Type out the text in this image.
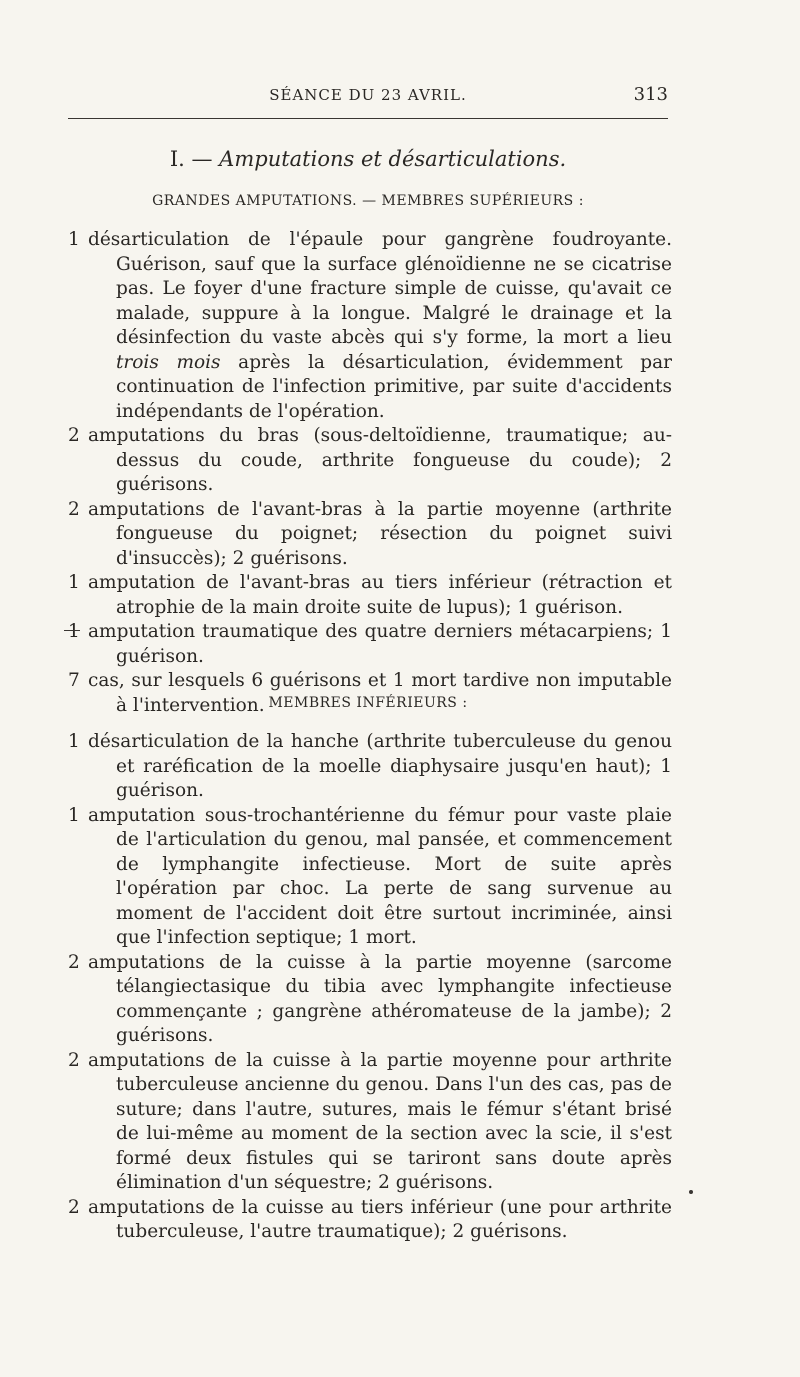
SÉANCE DU 23 AVRIL.	313
I. — Amputations et désarticulations.
GRANDES AMPUTATIONS. — MEMBRES SUPÉRIEURS :

1 désarticulation de l'épaule pour gangrène foudroyante. Guérison, sauf que la surface glénoïdienne ne se cicatrise pas. Le foyer d'une fracture simple de cuisse, qu'avait ce malade, suppure à la longue. Malgré le drainage et la désinfection du vaste abcès qui s'y forme, la mort a lieu trois mois après la désarticulation, évidemment par continuation de l'infection primitive, par suite d'accidents indépendants de l'opération.

2 amputations du bras (sous-deltoïdienne, traumatique; au-dessus du coude, arthrite fongueuse du coude); 2 guérisons.

2 amputations de l'avant-bras à la partie moyenne (arthrite fongueuse du poignet; résection du poignet suivi d'insuccès); 2 guérisons.

1 amputation de l'avant-bras au tiers inférieur (rétraction et atrophie de la main droite suite de lupus); 1 guérison.

1 amputation traumatique des quatre derniers métacarpiens; 1 guérison.

7 cas, sur lesquels 6 guérisons et 1 mort tardive non imputable à l'intervention. MEMBRES INFÉRIEURS :

1 désarticulation de la hanche (arthrite tuberculeuse du genou et raréfication de la moelle diaphysaire jusqu'en haut); 1 guérison.

1 amputation sous-trochantérienne du fémur pour vaste plaie de l'articulation du genou, mal pansée, et commencement de lymphangite infectieuse. Mort de suite après l'opération par choc. La perte de sang survenue au moment de l'accident doit être surtout incriminée, ainsi que l'infection septique; 1 mort.

2 amputations de la cuisse à la partie moyenne (sarcome télangiectasique du tibia avec lymphangite infectieuse commençante ; gangrène athéromateuse de la jambe); 2 guérisons.

2 amputations de la cuisse à la partie moyenne pour arthrite tuberculeuse ancienne du genou. Dans l'un des cas, pas de suture; dans l'autre, sutures, mais le fémur s'étant brisé de lui-même au moment de la section avec la scie, il s'est formé deux fistules qui se tariront sans doute après élimination d'un séquestre; 2 guérisons.

2 amputations de la cuisse au tiers inférieur (une pour arthrite tuberculeuse, l'autre traumatique); 2 guérisons.
